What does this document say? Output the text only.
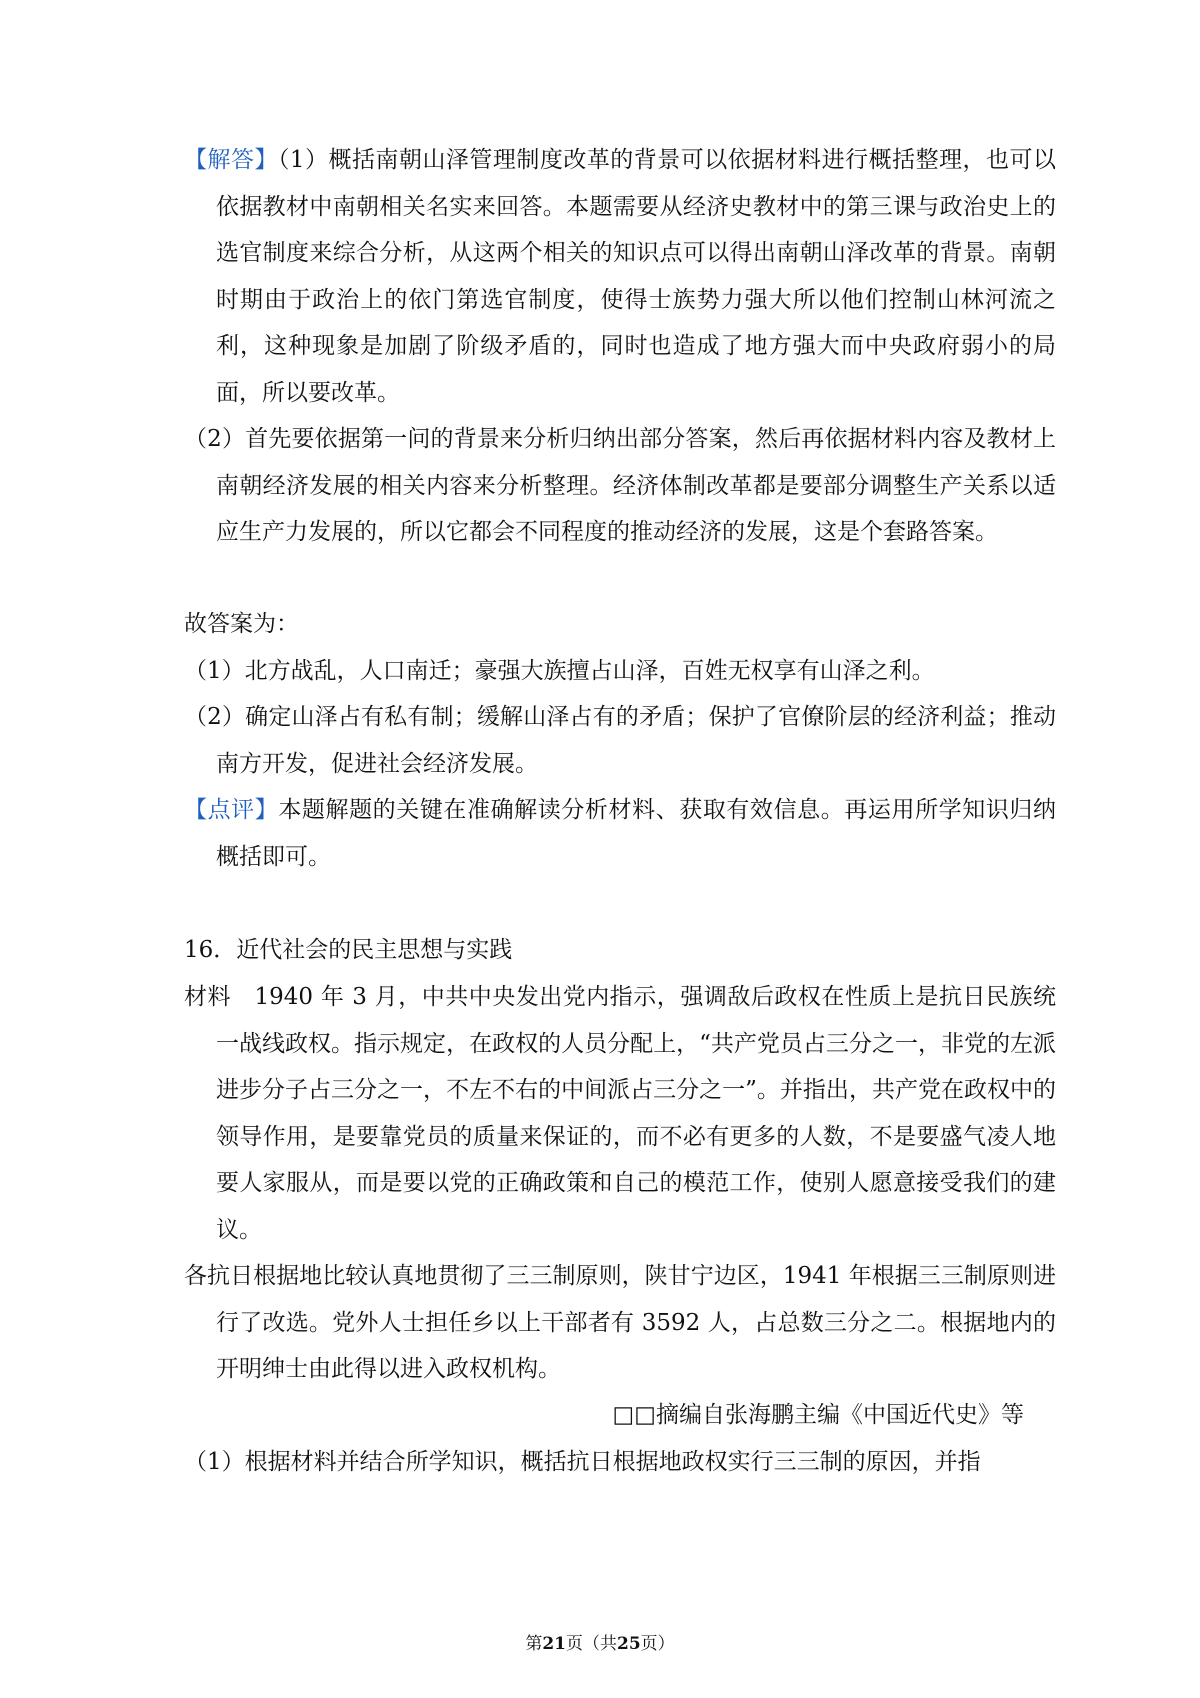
【解答】（1）概括南朝山泽管理制度改革的背景可以依据材料进行概括整理，也可以依据教材中南朝相关名实来回答。本题需要从经济史教材中的第三课与政治史上的选官制度来综合分析，从这两个相关的知识点可以得出南朝山泽改革的背景。南朝时期由于政治上的依门第选官制度，使得士族势力强大所以他们控制山林河流之利，这种现象是加剧了阶级矛盾的，同时也造成了地方强大而中央政府弱小的局面，所以要改革。
（2）首先要依据第一问的背景来分析归纳出部分答案，然后再依据材料内容及教材上南朝经济发展的相关内容来分析整理。经济体制改革都是要部分调整生产关系以适应生产力发展的，所以它都会不同程度的推动经济的发展，这是个套路答案。
故答案为：
（1）北方战乱，人口南迁；豪强大族擅占山泽，百姓无权享有山泽之利。
（2）确定山泽占有私有制；缓解山泽占有的矛盾；保护了官僚阶层的经济利益；推动南方开发，促进社会经济发展。
【点评】本题解题的关键在准确解读分析材料、获取有效信息。再运用所学知识归纳概括即可。
16．近代社会的民主思想与实践
材料　1940 年 3 月，中共中央发出党内指示，强调敌后政权在性质上是抗日民族统一战线政权。指示规定，在政权的人员分配上，“共产党员占三分之一，非党的左派进步分子占三分之一，不左不右的中间派占三分之一”。并指出，共产党在政权中的领导作用，是要靠党员的质量来保证的，而不必有更多的人数，不是要盛气凌人地要人家服从，而是要以党的正确政策和自己的模范工作，使别人愿意接受我们的建议。
各抗日根据地比较认真地贯彻了三三制原则，陕甘宁边区，1941 年根据三三制原则进行了改选。党外人士担任乡以上干部者有 3592 人，占总数三分之二。根据地内的开明绅士由此得以进入政权机构。
□□摘编自张海鹏主编《中国近代史》等
（1）根据材料并结合所学知识，概括抗日根据地政权实行三三制的原因，并指
第21页（共25页）
